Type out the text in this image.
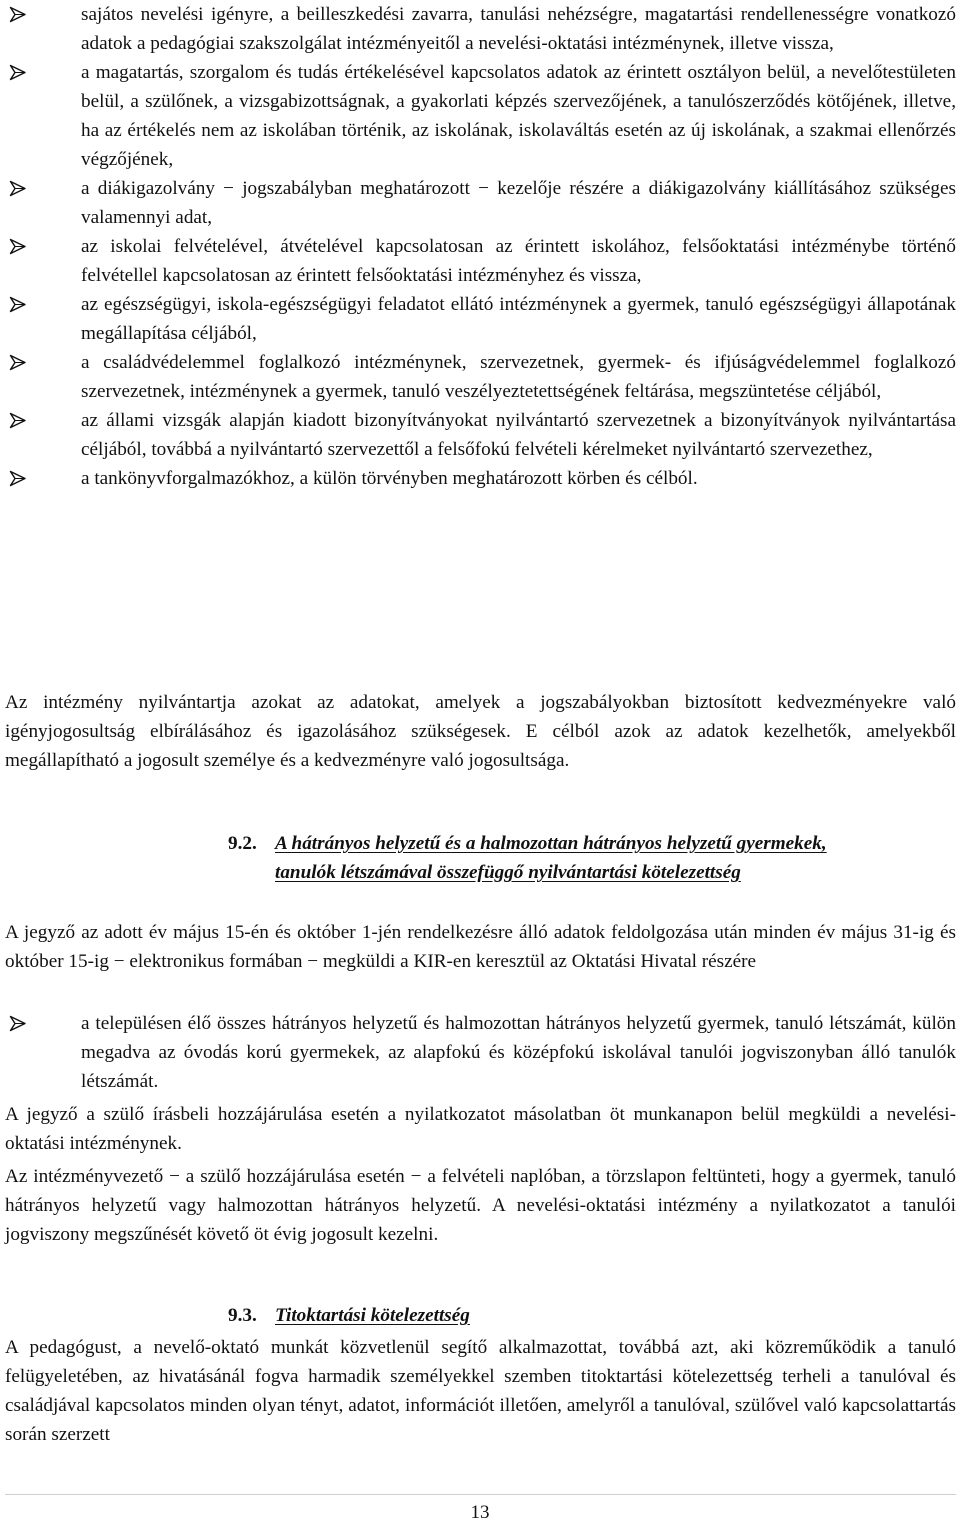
sajátos nevelési igényre, a beilleszkedési zavarra, tanulási nehézségre, magatartási rendellenességre vonatkozó adatok a pedagógiai szakszolgálat intézményeitől a nevelési-oktatási intézménynek, illetve vissza,
a magatartás, szorgalom és tudás értékelésével kapcsolatos adatok az érintett osztályon belül, a nevelőtestületen belül, a szülőnek, a vizsgabizottságnak, a gyakorlati képzés szervezőjének, a tanulószerződés kötőjének, illetve, ha az értékelés nem az iskolában történik, az iskolának, iskolaváltás esetén az új iskolának, a szakmai ellenőrzés végzőjének,
a diákigazolvány − jogszabályban meghatározott − kezelője részére a diákigazolvány kiállításához szükséges valamennyi adat,
az iskolai felvételével, átvételével kapcsolatosan az érintett iskolához, felsőoktatási intézménybe történő felvétellel kapcsolatosan az érintett felsőoktatási intézményhez és vissza,
az egészségügyi, iskola-egészségügyi feladatot ellátó intézménynek a gyermek, tanuló egészségügyi állapotának megállapítása céljából,
a családvédelemmel foglalkozó intézménynek, szervezetnek, gyermek- és ifjúságvédelemmel foglalkozó szervezetnek, intézménynek a gyermek, tanuló veszélyeztetettségének feltárása, megszüntetése céljából,
az állami vizsgák alapján kiadott bizonyítványokat nyilvántartó szervezetnek a bizonyítványok nyilvántartása céljából, továbbá a nyilvántartó szervezettől a felsőfokú felvételi kérelmeket nyilvántartó szervezethez,
a tankönyvforgalmazókhoz, a külön törvényben meghatározott körben és célból.

Az intézmény nyilvántartja azokat az adatokat, amelyek a jogszabályokban biztosított kedvezményekre való igényjogosultság elbírálásához és igazolásához szükségesek. E célból azok az adatok kezelhetők, amelyekből megállapítható a jogosult személye és a kedvezményre való jogosultsága.

9.2. A hátrányos helyzetű és a halmozottan hátrányos helyzetű gyermekek, tanulók létszámával összefüggő nyilvántartási kötelezettség

A jegyző az adott év május 15-én és október 1-jén rendelkezésre álló adatok feldolgozása után minden év május 31-ig és október 15-ig − elektronikus formában − megküldi a KIR-en keresztül az Oktatási Hivatal részére

a településen élő összes hátrányos helyzetű és halmozottan hátrányos helyzetű gyermek, tanuló létszámát, külön megadva az óvodás korú gyermekek, az alapfokú és középfokú iskolával tanulói jogviszonyban álló tanulók létszámát.

A jegyző a szülő írásbeli hozzájárulása esetén a nyilatkozatot másolatban öt munkanapon belül megküldi a nevelési-oktatási intézménynek.

Az intézményvezető − a szülő hozzájárulása esetén − a felvételi naplóban, a törzslapon feltünteti, hogy a gyermek, tanuló hátrányos helyzetű vagy halmozottan hátrányos helyzetű. A nevelési-oktatási intézmény a nyilatkozatot a tanulói jogviszony megszűnését követő öt évig jogosult kezelni.

9.3. Titoktartási kötelezettség

A pedagógust, a nevelő-oktató munkát közvetlenül segítő alkalmazottat, továbbá azt, aki közreműködik a tanuló felügyeletében, az hivatásánál fogva harmadik személyekkel szemben titoktartási kötelezettség terheli a tanulóval és családjával kapcsolatos minden olyan tényt, adatot, információt illetően, amelyről a tanulóval, szülővel való kapcsolattartás során szerzett

13
